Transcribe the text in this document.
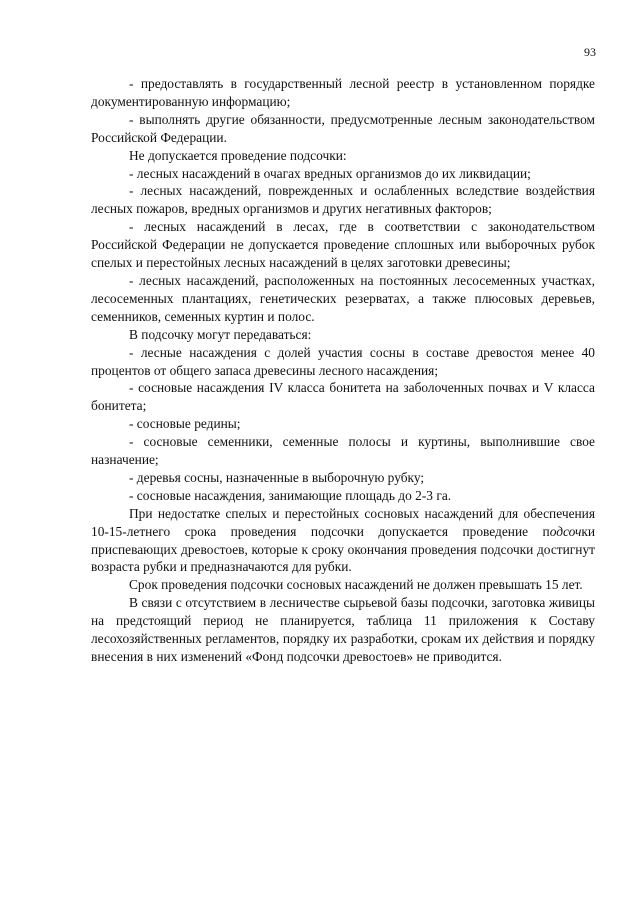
93

- предоставлять в государственный лесной реестр в установленном порядке документированную информацию;

- выполнять другие обязанности, предусмотренные лесным законодательством Российской Федерации.

Не допускается проведение подсочки:

- лесных насаждений в очагах вредных организмов до их ликвидации;

- лесных насаждений, поврежденных и ослабленных вследствие воздействия лесных пожаров, вредных организмов и других негативных факторов;

- лесных насаждений в лесах, где в соответствии с законодательством Российской Федерации не допускается проведение сплошных или выборочных рубок спелых и перестойных лесных насаждений в целях заготовки древесины;

- лесных насаждений, расположенных на постоянных лесосеменных участках, лесосеменных плантациях, генетических резерватах, а также плюсовых деревьев, семенников, семенных куртин и полос.

В подсочку могут передаваться:

- лесные насаждения с долей участия сосны в составе древостоя менее 40 процентов от общего запаса древесины лесного насаждения;

- сосновые насаждения IV класса бонитета на заболоченных почвах и V класса бонитета;

- сосновые редины;

- сосновые семенники, семенные полосы и куртины, выполнившие свое назначение;

- деревья сосны, назначенные в выборочную рубку;

- сосновые насаждения, занимающие площадь до 2-3 га.

При недостатке спелых и перестойных сосновых насаждений для обеспечения 10-15-летнего срока проведения подсочки допускается проведение подсочки приспевающих древостоев, которые к сроку окончания проведения подсочки достигнут возраста рубки и предназначаются для рубки.

Срок проведения подсочки сосновых насаждений не должен превышать 15 лет.

В связи с отсутствием в лесничестве сырьевой базы подсочки, заготовка живицы на предстоящий период не планируется, таблица 11 приложения к Составу лесохозяйственных регламентов, порядку их разработки, срокам их действия и порядку внесения в них изменений «Фонд подсочки древостоев» не приводится.
